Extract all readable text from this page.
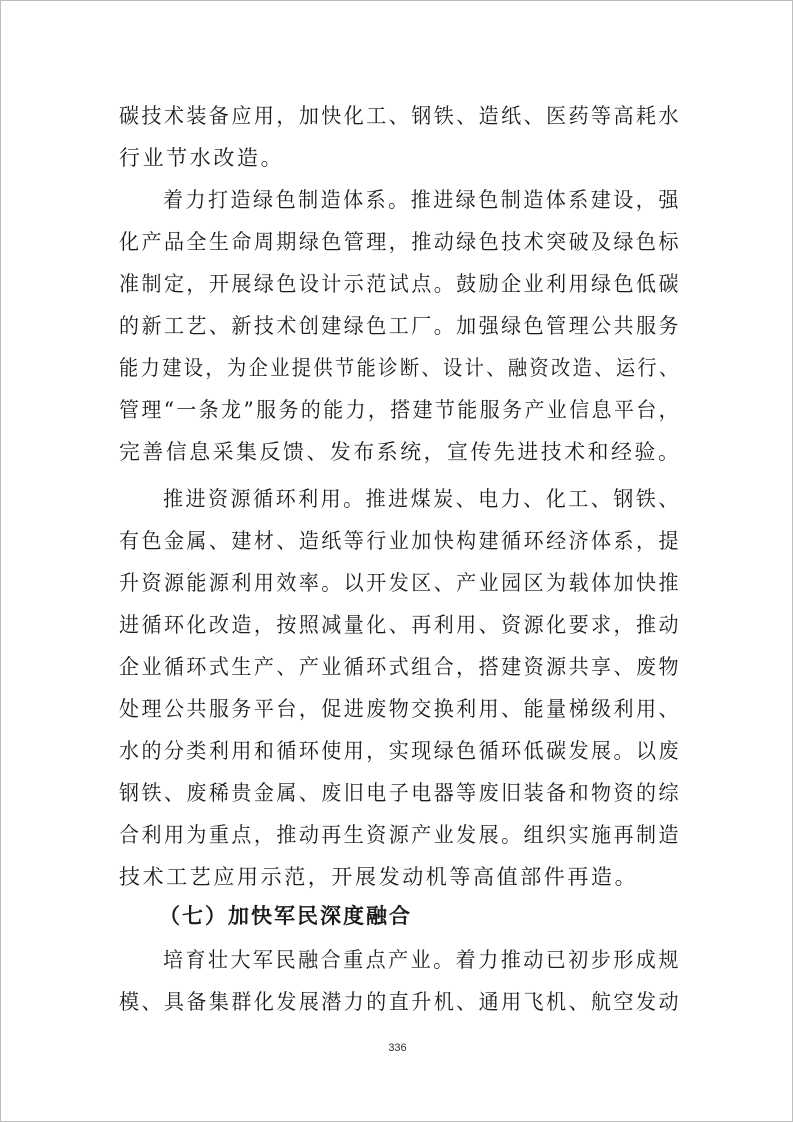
碳技术装备应用，加快化工、钢铁、造纸、医药等高耗水
行业节水改造。
着力打造绿色制造体系。推进绿色制造体系建设，强
化产品全生命周期绿色管理，推动绿色技术突破及绿色标
准制定，开展绿色设计示范试点。鼓励企业利用绿色低碳
的新工艺、新技术创建绿色工厂。加强绿色管理公共服务
能力建设，为企业提供节能诊断、设计、融资改造、运行、
管理“一条龙”服务的能力，搭建节能服务产业信息平台，
完善信息采集反馈、发布系统，宣传先进技术和经验。
推进资源循环利用。推进煤炭、电力、化工、钢铁、
有色金属、建材、造纸等行业加快构建循环经济体系，提
升资源能源利用效率。以开发区、产业园区为载体加快推
进循环化改造，按照减量化、再利用、资源化要求，推动
企业循环式生产、产业循环式组合，搭建资源共享、废物
处理公共服务平台，促进废物交换利用、能量梯级利用、
水的分类利用和循环使用，实现绿色循环低碳发展。以废
钢铁、废稀贵金属、废旧电子电器等废旧装备和物资的综
合利用为重点，推动再生资源产业发展。组织实施再制造
技术工艺应用示范，开展发动机等高值部件再造。
（七）加快军民深度融合
培育壮大军民融合重点产业。着力推动已初步形成规
模、具备集群化发展潜力的直升机、通用飞机、航空发动
336
